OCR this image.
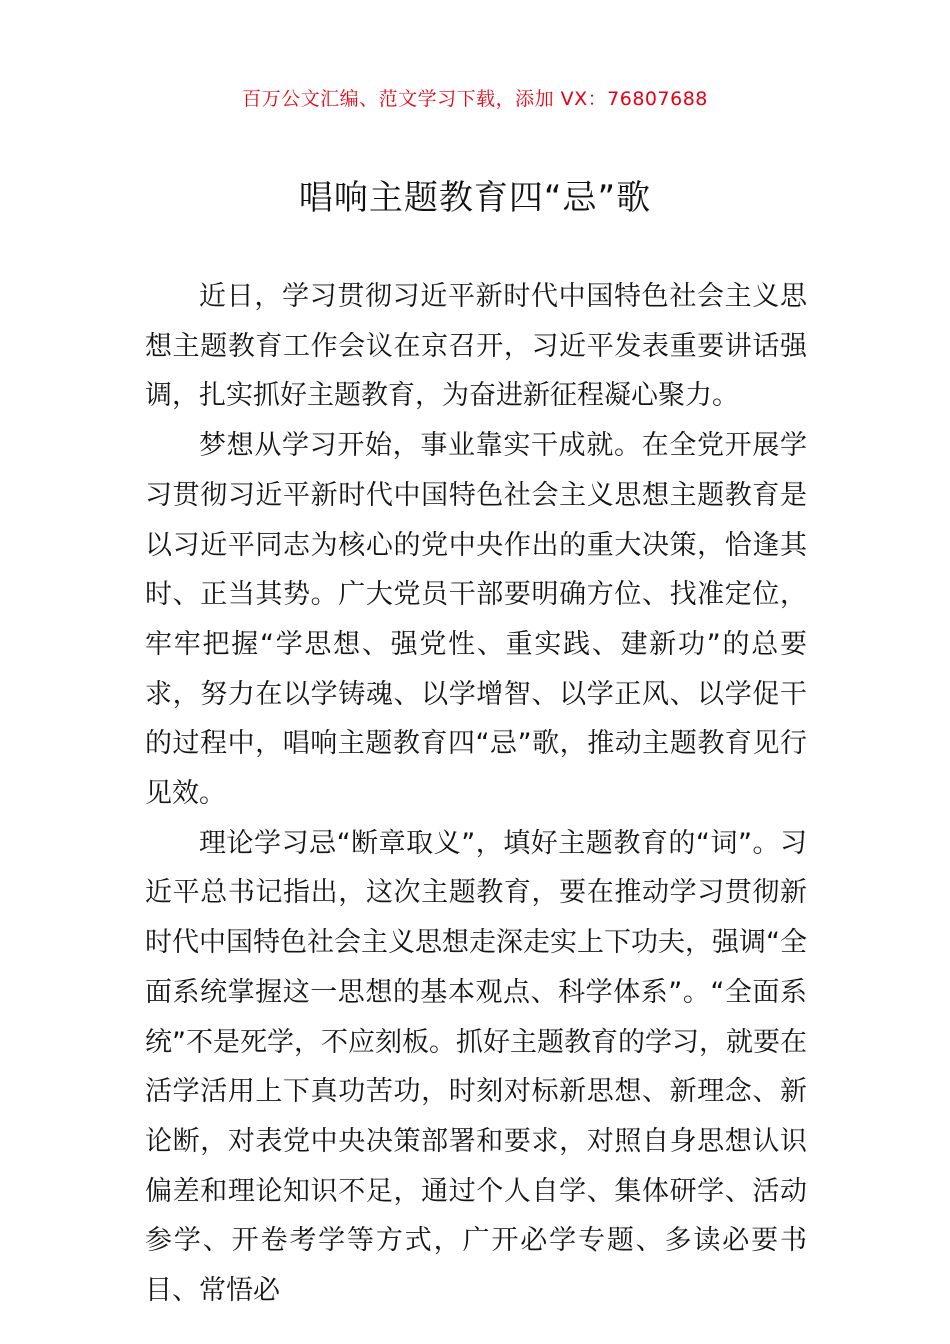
百万公文汇编、范文学习下载，添加 VX：76807688
唱响主题教育四“忌”歌

近日，学习贯彻习近平新时代中国特色社会主义思想主题教育工作会议在京召开，习近平发表重要讲话强调，扎实抓好主题教育，为奋进新征程凝心聚力。

梦想从学习开始，事业靠实干成就。在全党开展学习贯彻习近平新时代中国特色社会主义思想主题教育是以习近平同志为核心的党中央作出的重大决策，恰逢其时、正当其势。广大党员干部要明确方位、找准定位，牢牢把握“学思想、强党性、重实践、建新功”的总要求，努力在以学铸魂、以学增智、以学正风、以学促干的过程中，唱响主题教育四“忌”歌，推动主题教育见行见效。

理论学习忌“断章取义”，填好主题教育的“词”。习近平总书记指出，这次主题教育，要在推动学习贯彻新时代中国特色社会主义思想走深走实上下功夫，强调“全面系统掌握这一思想的基本观点、科学体系”。“全面系统”不是死学，不应刻板。抓好主题教育的学习，就要在活学活用上下真功苦功，时刻对标新思想、新理念、新论断，对表党中央决策部署和要求，对照自身思想认识偏差和理论知识不足，通过个人自学、集体研学、活动参学、开卷考学等方式，广开必学专题、多读必要书目、常悟必
